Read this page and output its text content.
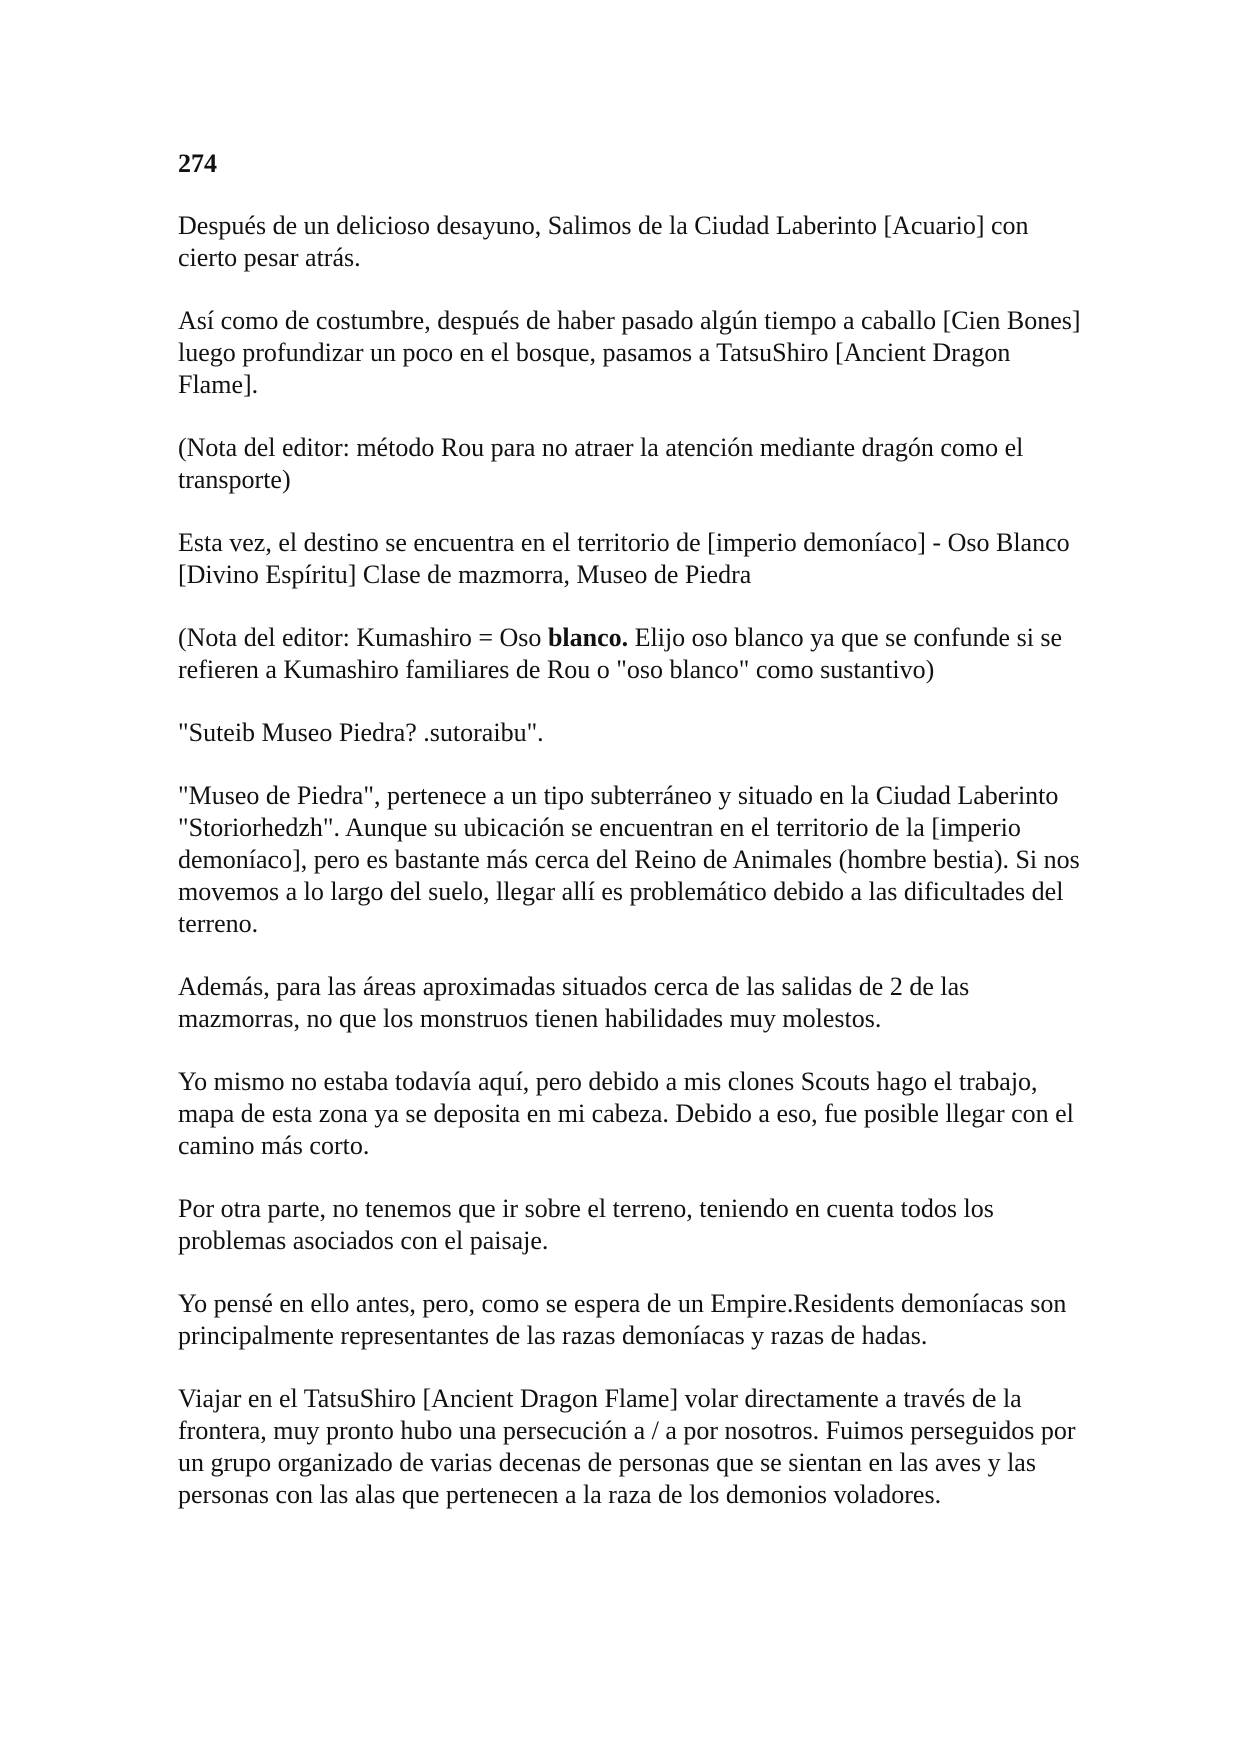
274

Después de un delicioso desayuno, Salimos de la Ciudad Laberinto [Acuario] con cierto pesar atrás.

Así como de costumbre, después de haber pasado algún tiempo a caballo [Cien Bones] luego profundizar un poco en el bosque, pasamos a TatsuShiro [Ancient Dragon Flame].

(Nota del editor: método Rou para no atraer la atención mediante dragón como el transporte)

Esta vez, el destino se encuentra en el territorio de [imperio demoníaco] - Oso Blanco [Divino Espíritu] Clase de mazmorra, Museo de Piedra

(Nota del editor: Kumashiro = Oso blanco. Elijo oso blanco ya que se confunde si se refieren a Kumashiro familiares de Rou o "oso blanco" como sustantivo)

"Suteib Museo Piedra? .sutoraibu".

"Museo de Piedra", pertenece a un tipo subterráneo y situado en la Ciudad Laberinto "Storiorhedzh". Aunque su ubicación se encuentran en el territorio de la [imperio demoníaco], pero es bastante más cerca del Reino de Animales (hombre bestia). Si nos movemos a lo largo del suelo, llegar allí es problemático debido a las dificultades del terreno.

Además, para las áreas aproximadas situados cerca de las salidas de 2 de las mazmorras, no que los monstruos tienen habilidades muy molestos.

Yo mismo no estaba todavía aquí, pero debido a mis clones Scouts hago el trabajo, mapa de esta zona ya se deposita en mi cabeza. Debido a eso, fue posible llegar con el camino más corto.

Por otra parte, no tenemos que ir sobre el terreno, teniendo en cuenta todos los problemas asociados con el paisaje.

Yo pensé en ello antes, pero, como se espera de un Empire.Residents demoníacas son principalmente representantes de las razas demoníacas y razas de hadas.

Viajar en el TatsuShiro [Ancient Dragon Flame] volar directamente a través de la frontera, muy pronto hubo una persecución a / a por nosotros. Fuimos perseguidos por un grupo organizado de varias decenas de personas que se sientan en las aves y las personas con las alas que pertenecen a la raza de los demonios voladores.
